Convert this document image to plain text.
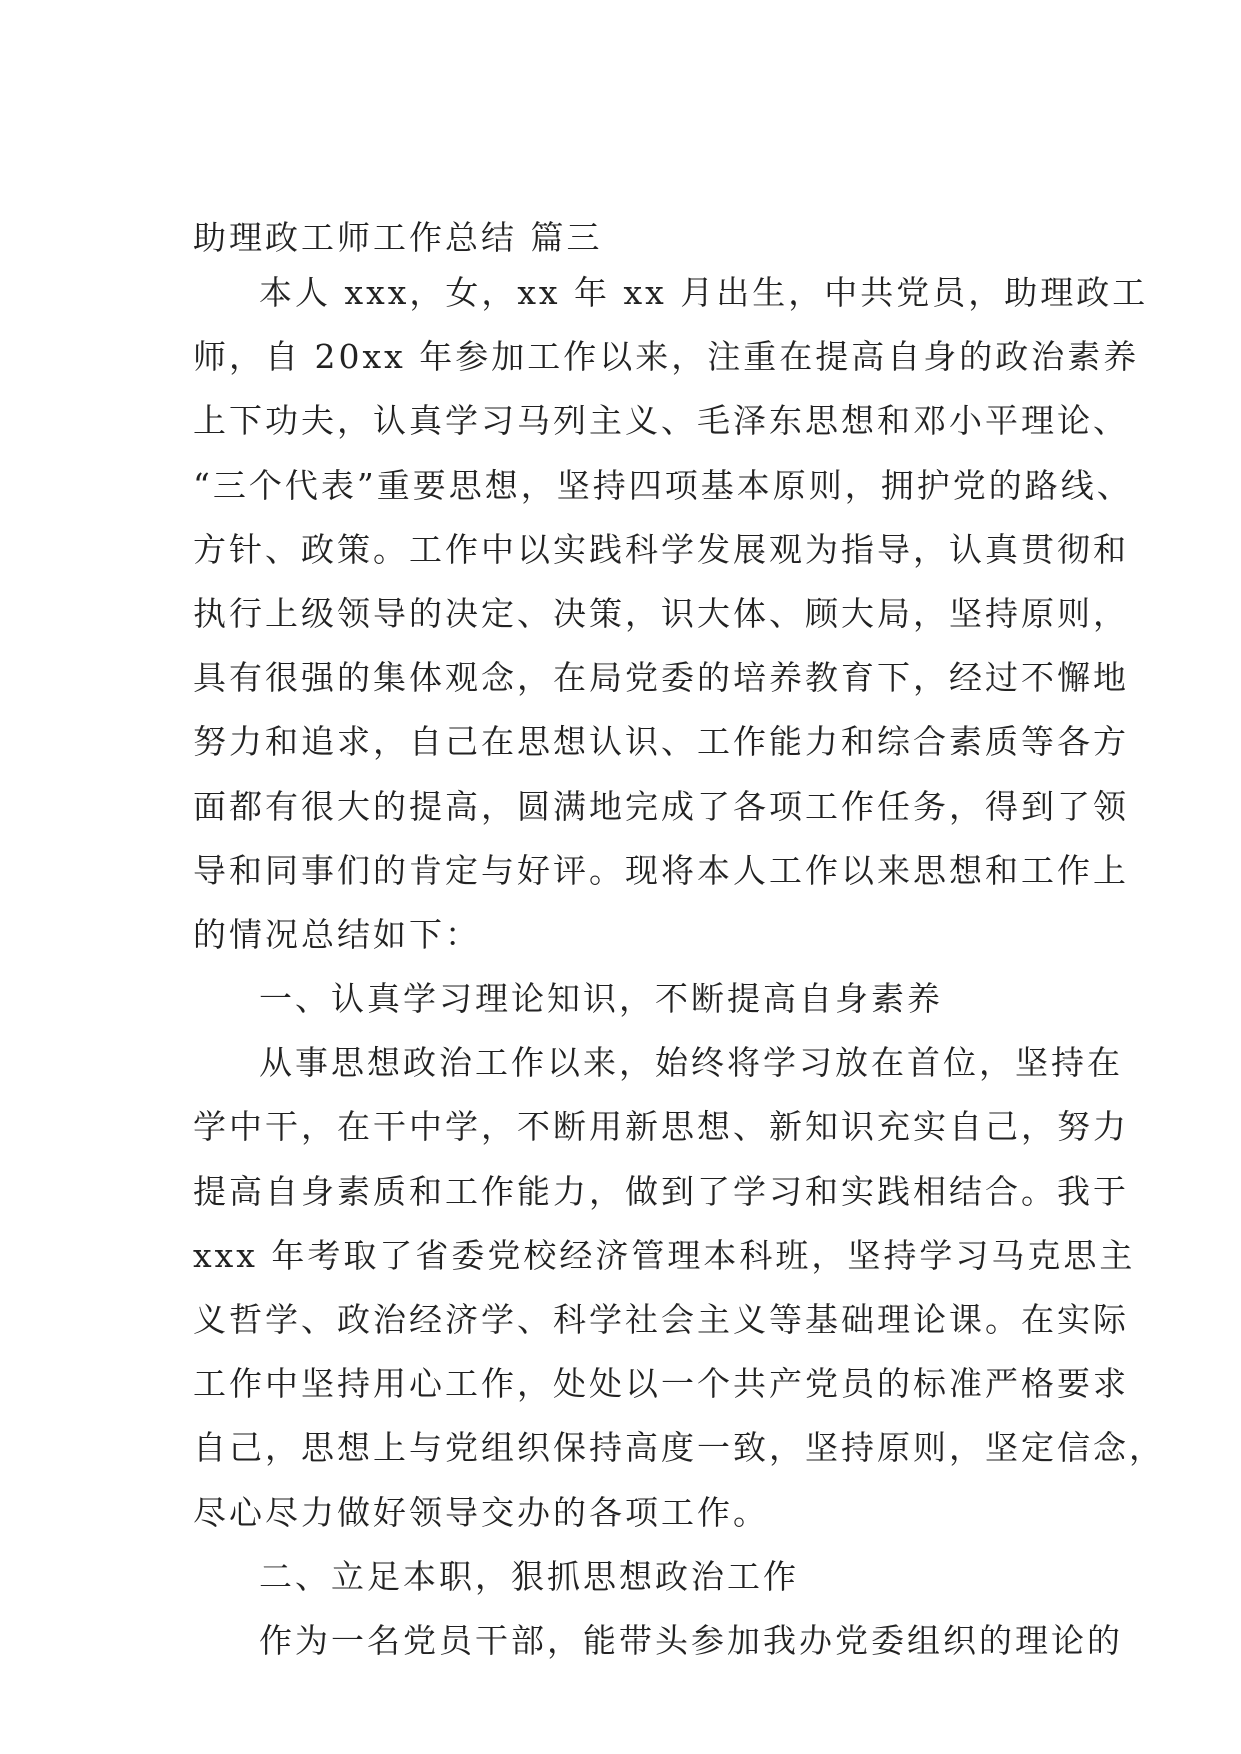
助理政工师工作总结 篇三
本人 xxx，女，xx 年 xx 月出生，中共党员，助理政工
师，自 20xx 年参加工作以来，注重在提高自身的政治素养
上下功夫，认真学习马列主义、毛泽东思想和邓小平理论、
“三个代表”重要思想，坚持四项基本原则，拥护党的路线、
方针、政策。工作中以实践科学发展观为指导，认真贯彻和
执行上级领导的决定、决策，识大体、顾大局，坚持原则，
具有很强的集体观念，在局党委的培养教育下，经过不懈地
努力和追求，自己在思想认识、工作能力和综合素质等各方
面都有很大的提高，圆满地完成了各项工作任务，得到了领
导和同事们的肯定与好评。现将本人工作以来思想和工作上
的情况总结如下：
一、认真学习理论知识，不断提高自身素养
从事思想政治工作以来，始终将学习放在首位，坚持在
学中干，在干中学，不断用新思想、新知识充实自己，努力
提高自身素质和工作能力，做到了学习和实践相结合。我于
xxx 年考取了省委党校经济管理本科班，坚持学习马克思主
义哲学、政治经济学、科学社会主义等基础理论课。在实际
工作中坚持用心工作，处处以一个共产党员的标准严格要求
自己，思想上与党组织保持高度一致，坚持原则，坚定信念，
尽心尽力做好领导交办的各项工作。
二、立足本职，狠抓思想政治工作
作为一名党员干部，能带头参加我办党委组织的理论的
